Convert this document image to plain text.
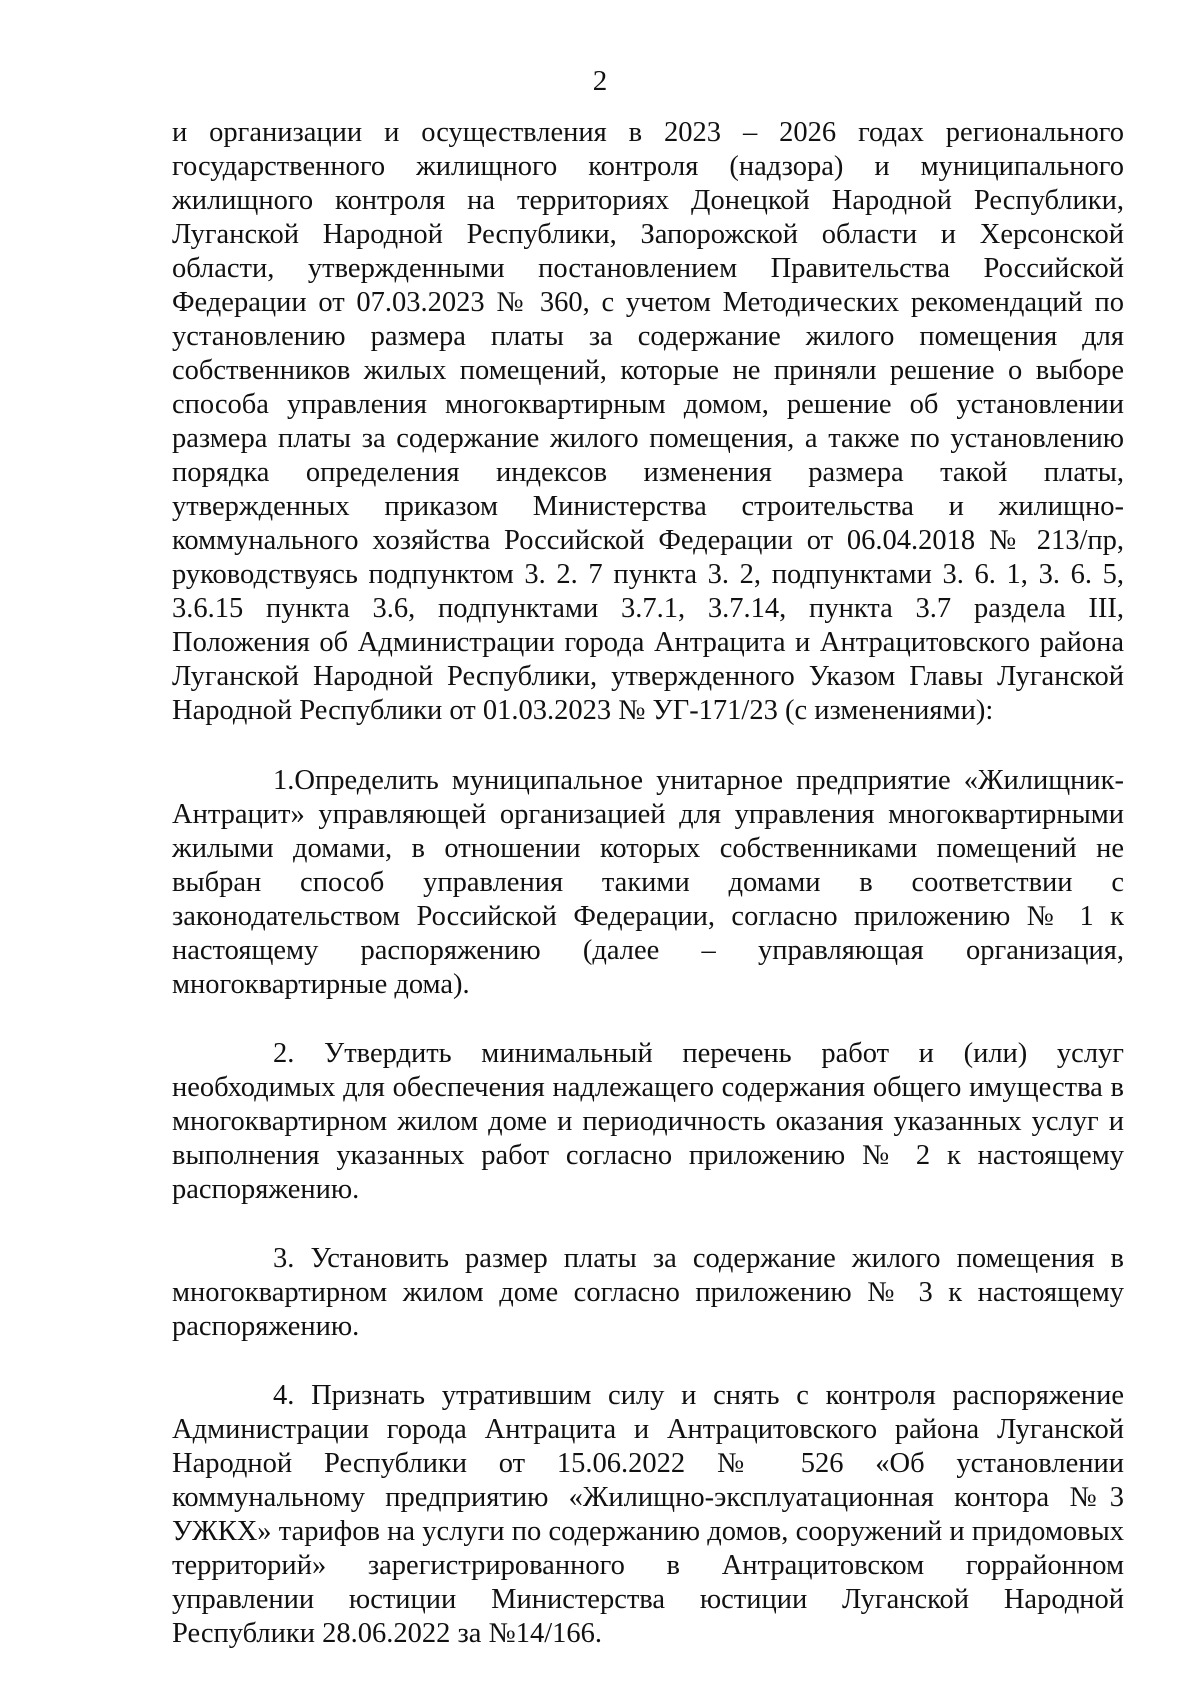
2

и организации и осуществления в 2023 – 2026 годах регионального государственного жилищного контроля (надзора) и муниципального жилищного контроля на территориях Донецкой Народной Республики, Луганской Народной Республики, Запорожской области и Херсонской области, утвержденными постановлением Правительства Российской Федерации от 07.03.2023 № 360, с учетом Методических рекомендаций по установлению размера платы за содержание жилого помещения для собственников жилых помещений, которые не приняли решение о выборе способа управления многоквартирным домом, решение об установлении размера платы за содержание жилого помещения, а также по установлению порядка определения индексов изменения размера такой платы, утвержденных приказом Министерства строительства и жилищно-коммунального хозяйства Российской Федерации от 06.04.2018 № 213/пр, руководствуясь подпунктом 3. 2. 7 пункта 3. 2, подпунктами 3. 6. 1, 3. 6. 5, 3.6.15 пункта 3.6, подпунктами 3.7.1, 3.7.14, пункта 3.7 раздела III, Положения об Администрации города Антрацита и Антрацитовского района Луганской Народной Республики, утвержденного Указом Главы Луганской Народной Республики от 01.03.2023 № УГ-171/23 (с изменениями):

1.Определить муниципальное унитарное предприятие «Жилищник-Антрацит» управляющей организацией для управления многоквартирными жилыми домами, в отношении которых собственниками помещений не выбран способ управления такими домами в соответствии с законодательством Российской Федерации, согласно приложению № 1 к настоящему распоряжению (далее – управляющая организация, многоквартирные дома).

2. Утвердить минимальный перечень работ и (или) услуг необходимых для обеспечения надлежащего содержания общего имущества в многоквартирном жилом доме и периодичность оказания указанных услуг и выполнения указанных работ согласно приложению № 2 к настоящему распоряжению.

3. Установить размер платы за содержание жилого помещения в многоквартирном жилом доме согласно приложению № 3 к настоящему распоряжению.

4. Признать утратившим силу и снять с контроля распоряжение Администрации города Антрацита и Антрацитовского района Луганской Народной Республики от 15.06.2022 № 526 «Об установлении коммунальному предприятию «Жилищно-эксплуатационная контора №3 УЖКХ» тарифов на услуги по содержанию домов, сооружений и придомовых территорий» зарегистрированного в Антрацитовском горрайонном управлении юстиции Министерства юстиции Луганской Народной Республики 28.06.2022 за №14/166.
